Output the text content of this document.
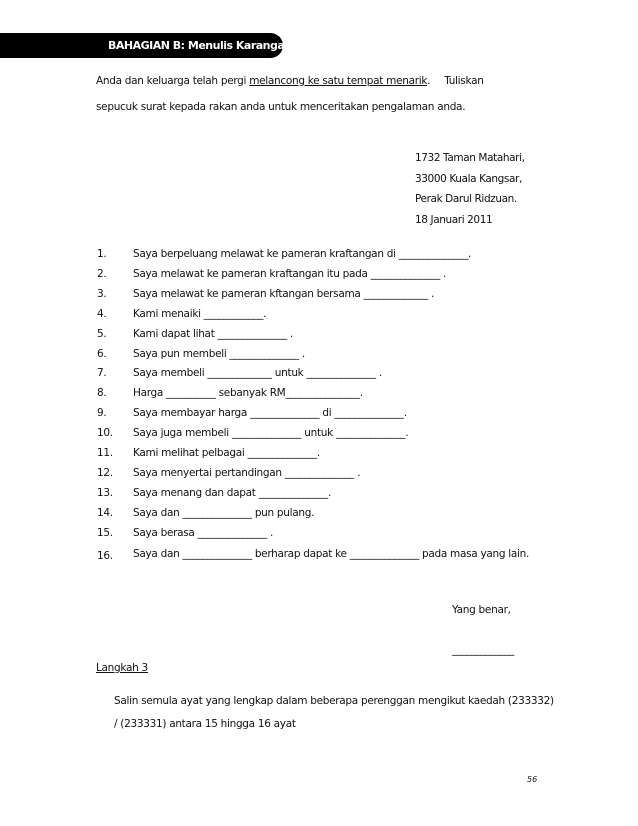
BAHAGIAN B: Menulis Karangan
Anda dan keluarga telah pergi melancong ke satu tempat menarik. Tuliskan
sepucuk surat kepada rakan anda untuk menceritakan pengalaman anda.
1732 Taman Matahari,
33000 Kuala Kangsar,
Perak Darul Ridzuan.
18 Januari 2011
1.	Saya berpeluang melawat ke pameran kraftangan di ______________.
2.	Saya melawat ke pameran kraftangan itu pada ______________ .
3.	Saya melawat ke pameran kftangan bersama _____________ .
4.	Kami menaiki ____________.
5.	Kami dapat lihat ______________ .
6.	Saya pun membeli ______________ .
7.	Saya membeli _____________ untuk ______________ .
8.	Harga __________ sebanyak RM_______________.
9.	Saya membayar harga ______________ di ______________.
10.	Saya juga membeli ______________ untuk ______________.
11.	Kami melihat pelbagai ______________.
12.	Saya menyertai pertandingan ______________ .
13.	Saya menang dan dapat ______________.
14.	Saya dan ______________ pun pulang.
15.	Saya berasa ______________ .
16.	Saya dan ______________ berharap dapat ke ______________ pada masa yang lain.
Yang benar,
_____________
Langkah 3
Salin semula ayat yang lengkap dalam beberapa perenggan mengikut kaedah (233332) / (233331) antara 15 hingga 16 ayat
56
